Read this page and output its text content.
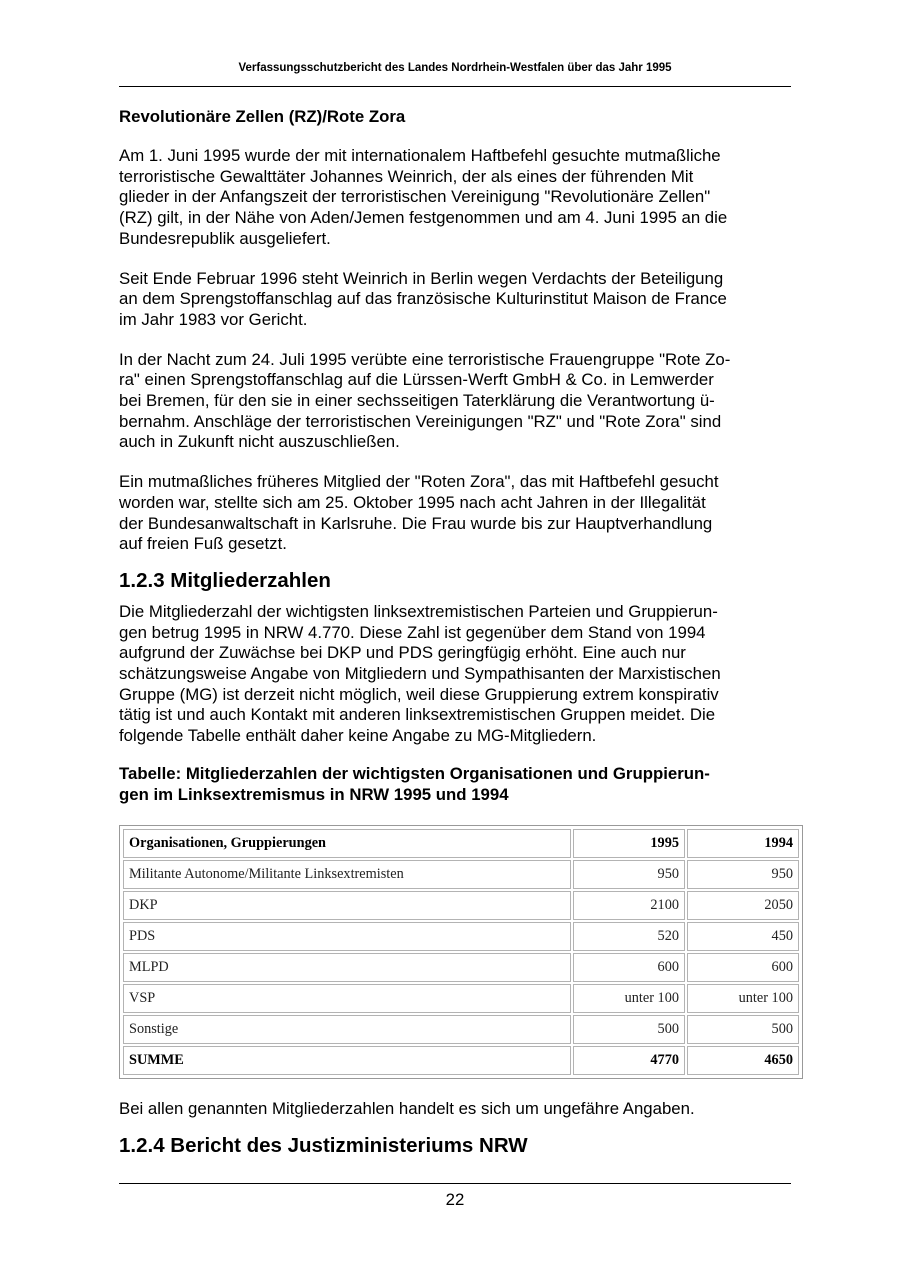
Verfassungsschutzbericht des Landes Nordrhein-Westfalen über das Jahr 1995
Revolutionäre Zellen (RZ)/Rote Zora

Am 1. Juni 1995 wurde der mit internationalem Haftbefehl gesuchte mutmaßliche
terroristische Gewalttäter Johannes Weinrich, der als eines der führenden Mit
glieder in der Anfangszeit der terroristischen Vereinigung "Revolutionäre Zellen"
(RZ) gilt, in der Nähe von Aden/Jemen festgenommen und am 4. Juni 1995 an die
Bundesrepublik ausgeliefert.

Seit Ende Februar 1996 steht Weinrich in Berlin wegen Verdachts der Beteiligung
an dem Sprengstoffanschlag auf das französische Kulturinstitut Maison de France
im Jahr 1983 vor Gericht.

In der Nacht zum 24. Juli 1995 verübte eine terroristische Frauengruppe "Rote Zo-
ra" einen Sprengstoffanschlag auf die Lürssen-Werft GmbH & Co. in Lemwerder
bei Bremen, für den sie in einer sechsseitigen Taterklärung die Verantwortung ü-
bernahm. Anschläge der terroristischen Vereinigungen "RZ" und "Rote Zora" sind
auch in Zukunft nicht auszuschließen.

Ein mutmaßliches früheres Mitglied der "Roten Zora", das mit Haftbefehl gesucht
worden war, stellte sich am 25. Oktober 1995 nach acht Jahren in der Illegalität
der Bundesanwaltschaft in Karlsruhe. Die Frau wurde bis zur Hauptverhandlung
auf freien Fuß gesetzt.

1.2.3 Mitgliederzahlen

Die Mitgliederzahl der wichtigsten linksextremistischen Parteien und Gruppierun-
gen betrug 1995 in NRW 4.770. Diese Zahl ist gegenüber dem Stand von 1994
aufgrund der Zuwächse bei DKP und PDS geringfügig erhöht. Eine auch nur
schätzungsweise Angabe von Mitgliedern und Sympathisanten der Marxistischen
Gruppe (MG) ist derzeit nicht möglich, weil diese Gruppierung extrem konspirativ
tätig ist und auch Kontakt mit anderen linksextremistischen Gruppen meidet. Die
folgende Tabelle enthält daher keine Angabe zu MG-Mitgliedern.

Tabelle: Mitgliederzahlen der wichtigsten Organisationen und Gruppierun-
gen im Linksextremismus in NRW 1995 und 1994
Organisationen, Gruppierungen	1995	1994
Militante Autonome/Militante Linksextremisten	950	950
DKP	2100	2050
PDS	520	450
MLPD	600	600
VSP	unter 100	unter 100
Sonstige	500	500
SUMME	4770	4650

Bei allen genannten Mitgliederzahlen handelt es sich um ungefähre Angaben.

1.2.4 Bericht des Justizministeriums NRW
22
